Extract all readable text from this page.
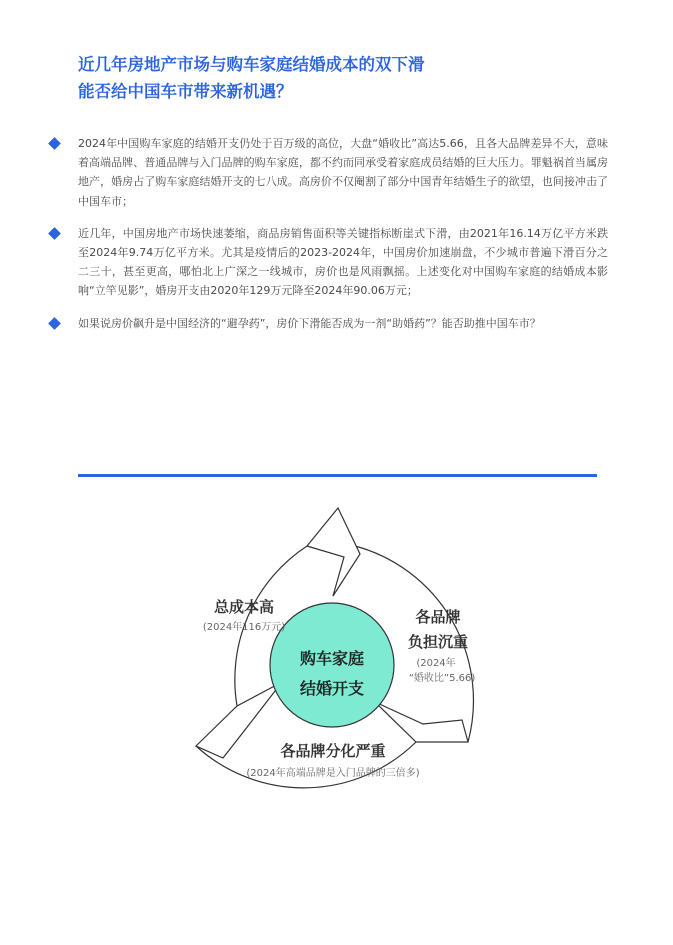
近几年房地产市场与购车家庭结婚成本的双下滑
能否给中国车市带来新机遇？
2024年中国购车家庭的结婚开支仍处于百万级的高位，大盘“婚收比”高达5.66，且各大品牌差异不大，意味着高端品牌、普通品牌与入门品牌的购车家庭，都不约而同承受着家庭成员结婚的巨大压力。罪魁祸首当属房地产，婚房占了购车家庭结婚开支的七八成。高房价不仅阉割了部分中国青年结婚生子的欲望，也间接冲击了中国车市；
近几年，中国房地产市场快速萎缩，商品房销售面积等关键指标断崖式下滑，由2021年16.14万亿平方米跌至2024年9.74万亿平方米。尤其是疫情后的2023-2024年，中国房价加速崩盘，不少城市普遍下滑百分之二三十，甚至更高，哪怕北上广深之一线城市，房价也是风雨飘摇。上述变化对中国购车家庭的结婚成本影响“立竿见影”，婚房开支由2020年129万元降至2024年90.06万元；
如果说房价飙升是中国经济的“避孕药”，房价下滑能否成为一剂“助婚药”？能否助推中国车市？
购车家庭
结婚开支
总成本高
(2024年116万元)
各品牌
负担沉重
(2024年
“婚收比”5.66)
各品牌分化严重
(2024年高端品牌是入门品牌的三倍多)
